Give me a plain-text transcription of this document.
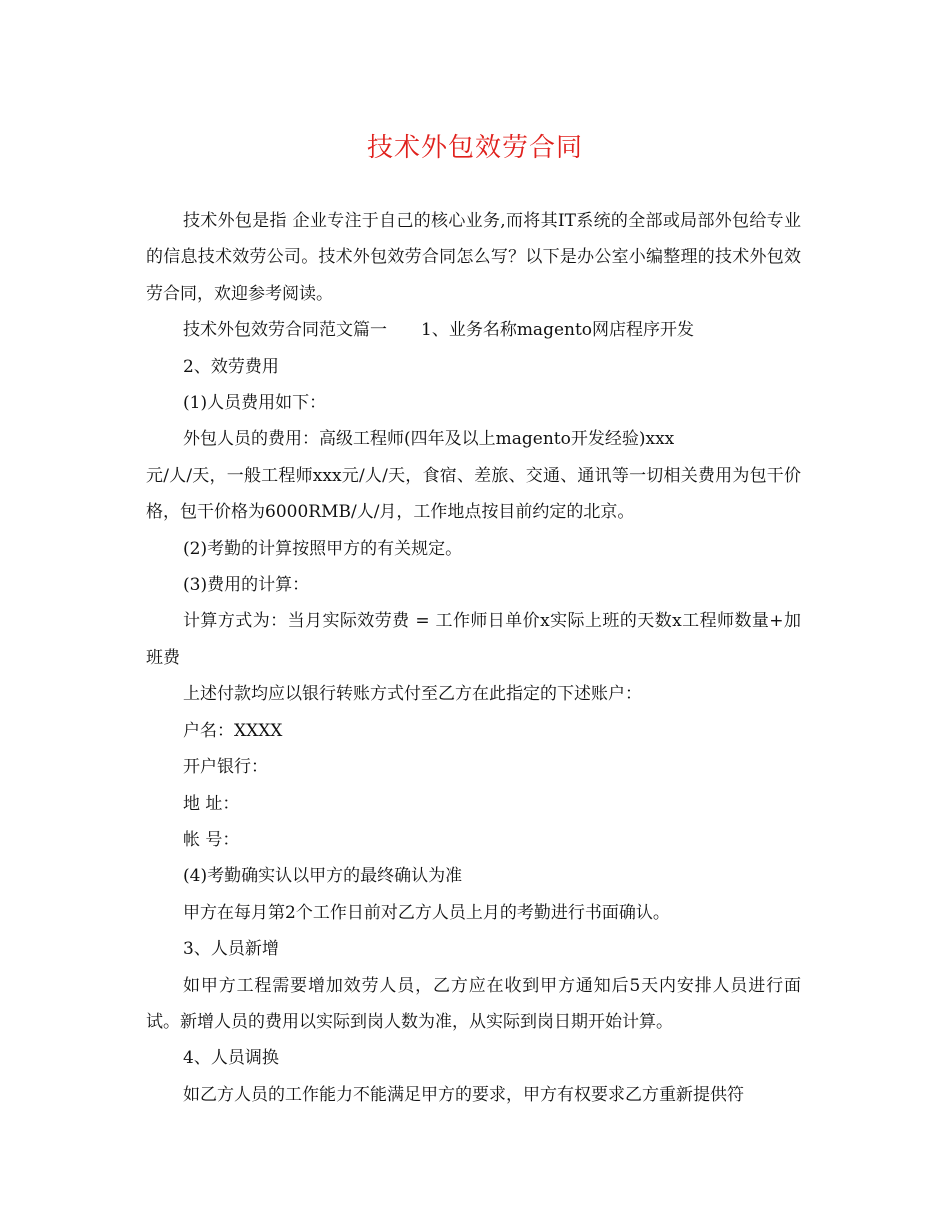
技术外包效劳合同

技术外包是指 企业专注于自己的核心业务,而将其IT系统的全部或局部外包给专业的信息技术效劳公司。技术外包效劳合同怎么写？以下是办公室小编整理的技术外包效劳合同，欢迎参考阅读。

技术外包效劳合同范文篇一 1、业务名称magento网店程序开发

2、效劳费用

(1)人员费用如下：

外包人员的费用：高级工程师(四年及以上magento开发经验)xxx

元/人/天，一般工程师xxx元/人/天，食宿、差旅、交通、通讯等一切相关费用为包干价格，包干价格为6000RMB/人/月，工作地点按目前约定的北京。

(2)考勤的计算按照甲方的有关规定。

(3)费用的计算：

计算方式为：当月实际效劳费 = 工作师日单价x实际上班的天数x工程师数量+加班费

上述付款均应以银行转账方式付至乙方在此指定的下述账户：

户名：XXXX

开户银行：

地 址：

帐 号：

(4)考勤确实认以甲方的最终确认为准

甲方在每月第2个工作日前对乙方人员上月的考勤进行书面确认。

3、人员新增

如甲方工程需要增加效劳人员，乙方应在收到甲方通知后5天内安排人员进行面试。新增人员的费用以实际到岗人数为准，从实际到岗日期开始计算。

4、人员调换

如乙方人员的工作能力不能满足甲方的要求，甲方有权要求乙方重新提供符
